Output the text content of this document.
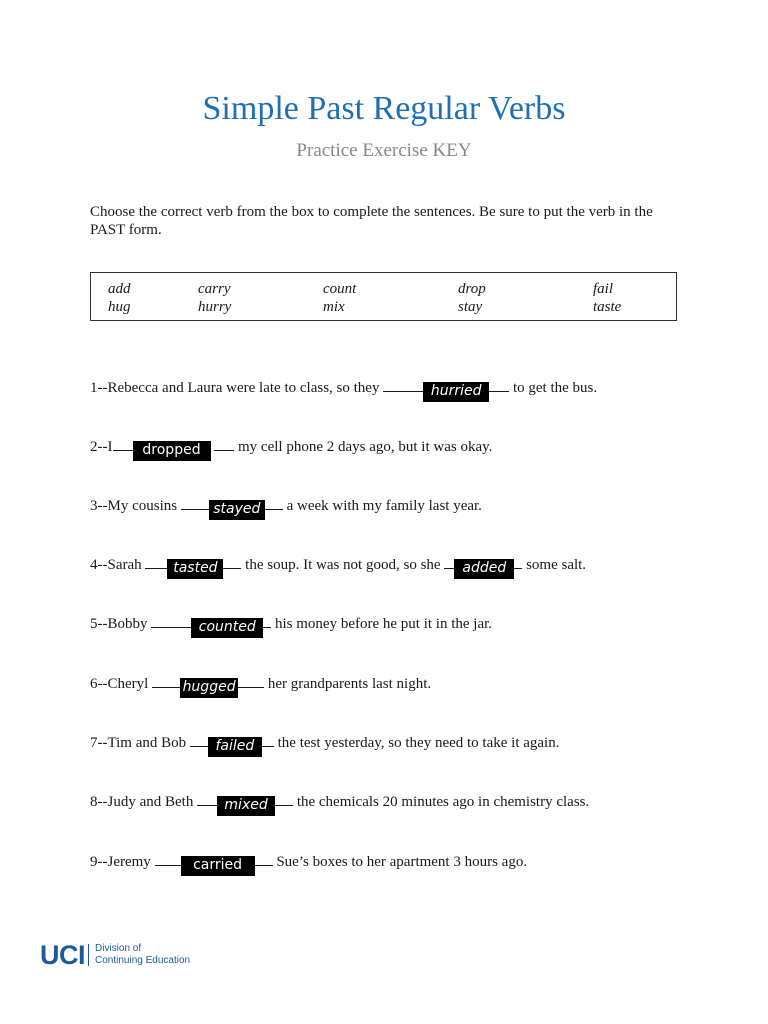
Simple Past Regular Verbs
Practice Exercise KEY
Choose the correct verb from the box to complete the sentences. Be sure to put the verb in the PAST form.
add	carry	count	drop	fail
hug	hurry	mix	stay	taste
1--Rebecca and Laura were late to class, so they	hurried to get the bus.
2--I dropped my cell phone 2 days ago, but it was okay.
3--My cousins	stayed a week with my family last year.
4--Sarah tasted the soup. It was not good, so she added some salt.
5--Bobby	counted his money before he put it in the jar.
6--Cheryl hugged her grandparents last night.
7--Tim and Bob failed the test yesterday, so they need to take it again.
8--Judy and Beth mixed the chemicals 20 minutes ago in chemistry class.
9--Jeremy	carried Sue’s boxes to her apartment 3 hours ago.
UCI Division of
Continuing Education
